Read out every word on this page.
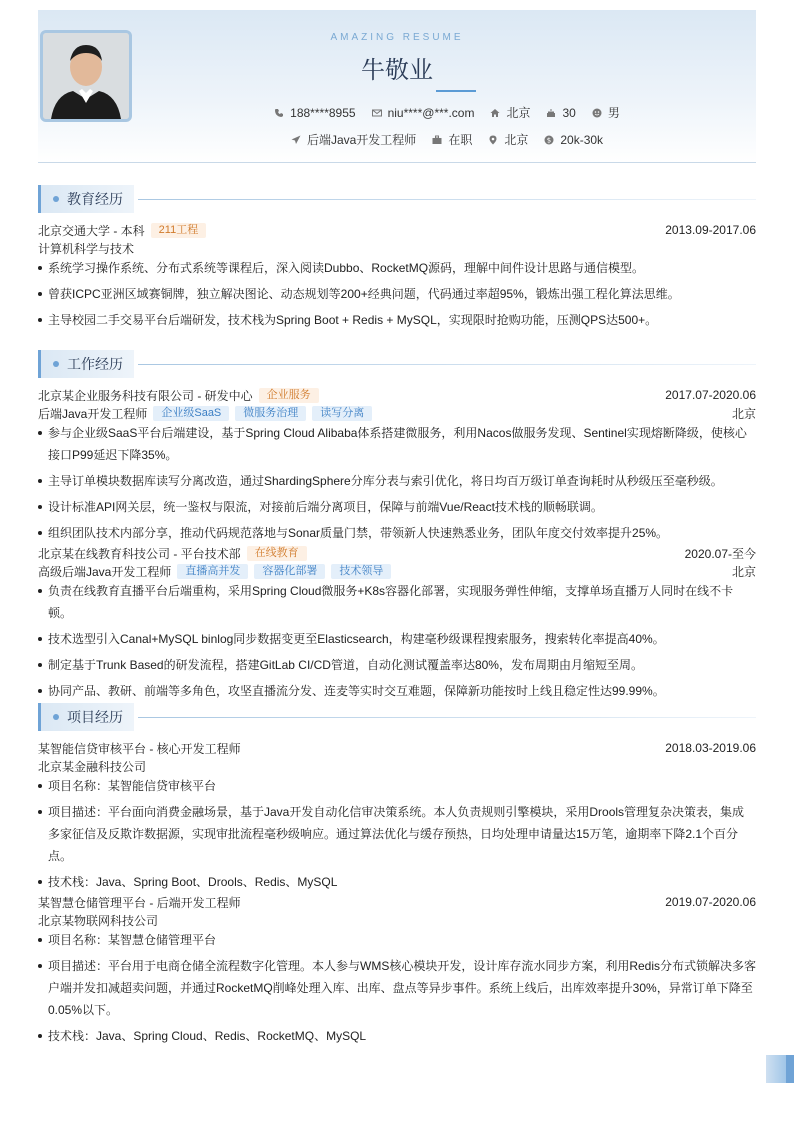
AMAZING RESUME
牛敬业
188****8955	niu****@***.com	北京	30	男
后端Java开发工程师	在职	北京	$ 20k-30k
教育经历
北京交通大学 - 本科	211工程	2013.09-2017.06
计算机科学与技术
系统学习操作系统、分布式系统等课程后，深入阅读Dubbo、RocketMQ源码，理解中间件设计思路与通信模型。
曾获ICPC亚洲区域赛铜牌，独立解决图论、动态规划等200+经典问题，代码通过率超95%，锻炼出强工程化算法思维。
主导校园二手交易平台后端研发，技术栈为Spring Boot + Redis + MySQL，实现限时抢购功能，压测QPS达500+。
工作经历
北京某企业服务科技有限公司 - 研发中心	企业服务	2017.07-2020.06
后端Java开发工程师	企业级SaaS	微服务治理	读写分离	北京
参与企业级SaaS平台后端建设，基于Spring Cloud Alibaba体系搭建微服务，利用Nacos做服务发现、Sentinel实现熔断降级，使核心接口P99延迟下降35%。
主导订单模块数据库读写分离改造，通过ShardingSphere分库分表与索引优化，将日均百万级订单查询耗时从秒级压至毫秒级。
设计标准API网关层，统一鉴权与限流，对接前后端分离项目，保障与前端Vue/React技术栈的顺畅联调。
组织团队技术内部分享，推动代码规范落地与Sonar质量门禁，带领新人快速熟悉业务，团队年度交付效率提升25%。
北京某在线教育科技公司 - 平台技术部	在线教育	2020.07-至今
高级后端Java开发工程师	直播高并发	容器化部署	技术领导	北京
负责在线教育直播平台后端重构，采用Spring Cloud微服务+K8s容器化部署，实现服务弹性伸缩，支撑单场直播万人同时在线不卡顿。
技术选型引入Canal+MySQL binlog同步数据变更至Elasticsearch，构建毫秒级课程搜索服务，搜索转化率提高40%。
制定基于Trunk Based的研发流程，搭建GitLab CI/CD管道，自动化测试覆盖率达80%，发布周期由月缩短至周。
协同产品、教研、前端等多角色，攻坚直播流分发、连麦等实时交互难题，保障新功能按时上线且稳定性达99.99%。
项目经历
某智能信贷审核平台 - 核心开发工程师	2018.03-2019.06
北京某金融科技公司
项目名称：某智能信贷审核平台
项目描述：平台面向消费金融场景，基于Java开发自动化信审决策系统。本人负责规则引擎模块，采用Drools管理复杂决策表，集成多家征信及反欺诈数据源，实现审批流程毫秒级响应。通过算法优化与缓存预热，日均处理申请量达15万笔，逾期率下降2.1个百分点。
技术栈：Java、Spring Boot、Drools、Redis、MySQL
某智慧仓储管理平台 - 后端开发工程师	2019.07-2020.06
北京某物联网科技公司
项目名称：某智慧仓储管理平台
项目描述：平台用于电商仓储全流程数字化管理。本人参与WMS核心模块开发，设计库存流水同步方案，利用Redis分布式锁解决多客户端并发扣减超卖问题，并通过RocketMQ削峰处理入库、出库、盘点等异步事件。系统上线后，出库效率提升30%，异常订单下降至0.05%以下。
技术栈：Java、Spring Cloud、Redis、RocketMQ、MySQL
